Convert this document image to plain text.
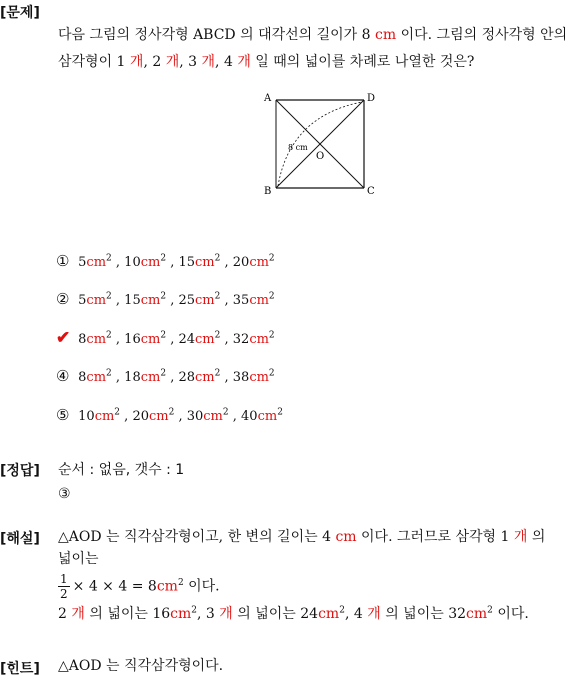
[문제]
다음 그림의 정사각형 ABCD 의 대각선의 길이가 8 cm 이다. 그림의 정사각형 안의
삼각형이 1 개, 2 개, 3 개, 4 개 일 때의 넓이를 차례로 나열한 것은?
A	D
B	C
O
8 cm
① $5cm^2$ , $10cm^2$ , $15cm^2$ , $20cm^2$
② $5cm^2$ , $15cm^2$ , $25cm^2$ , $35cm^2$
✔ $8cm^2$ , $16cm^2$ , $24cm^2$ , $32cm^2$
④ $8cm^2$ , $18cm^2$ , $28cm^2$ , $38cm^2$
⑤ $10cm^2$ , $20cm^2$ , $30cm^2$ , $40cm^2$
[정답] 순서 : 없음, 갯수 : 1
③
[해설] △AOD 는 직각삼각형이고, 한 변의 길이는 4 cm 이다. 그러므로 삼각형 1 개 의
넓이는
$\frac{1}{2} \times 4 \times 4 = 8cm^2$ 이다.
2 개 의 넓이는 $16cm^2$, 3 개 의 넓이는 $24cm^2$, 4 개 의 넓이는 $32cm^2$ 이다.
[힌트] △AOD 는 직각삼각형이다.
